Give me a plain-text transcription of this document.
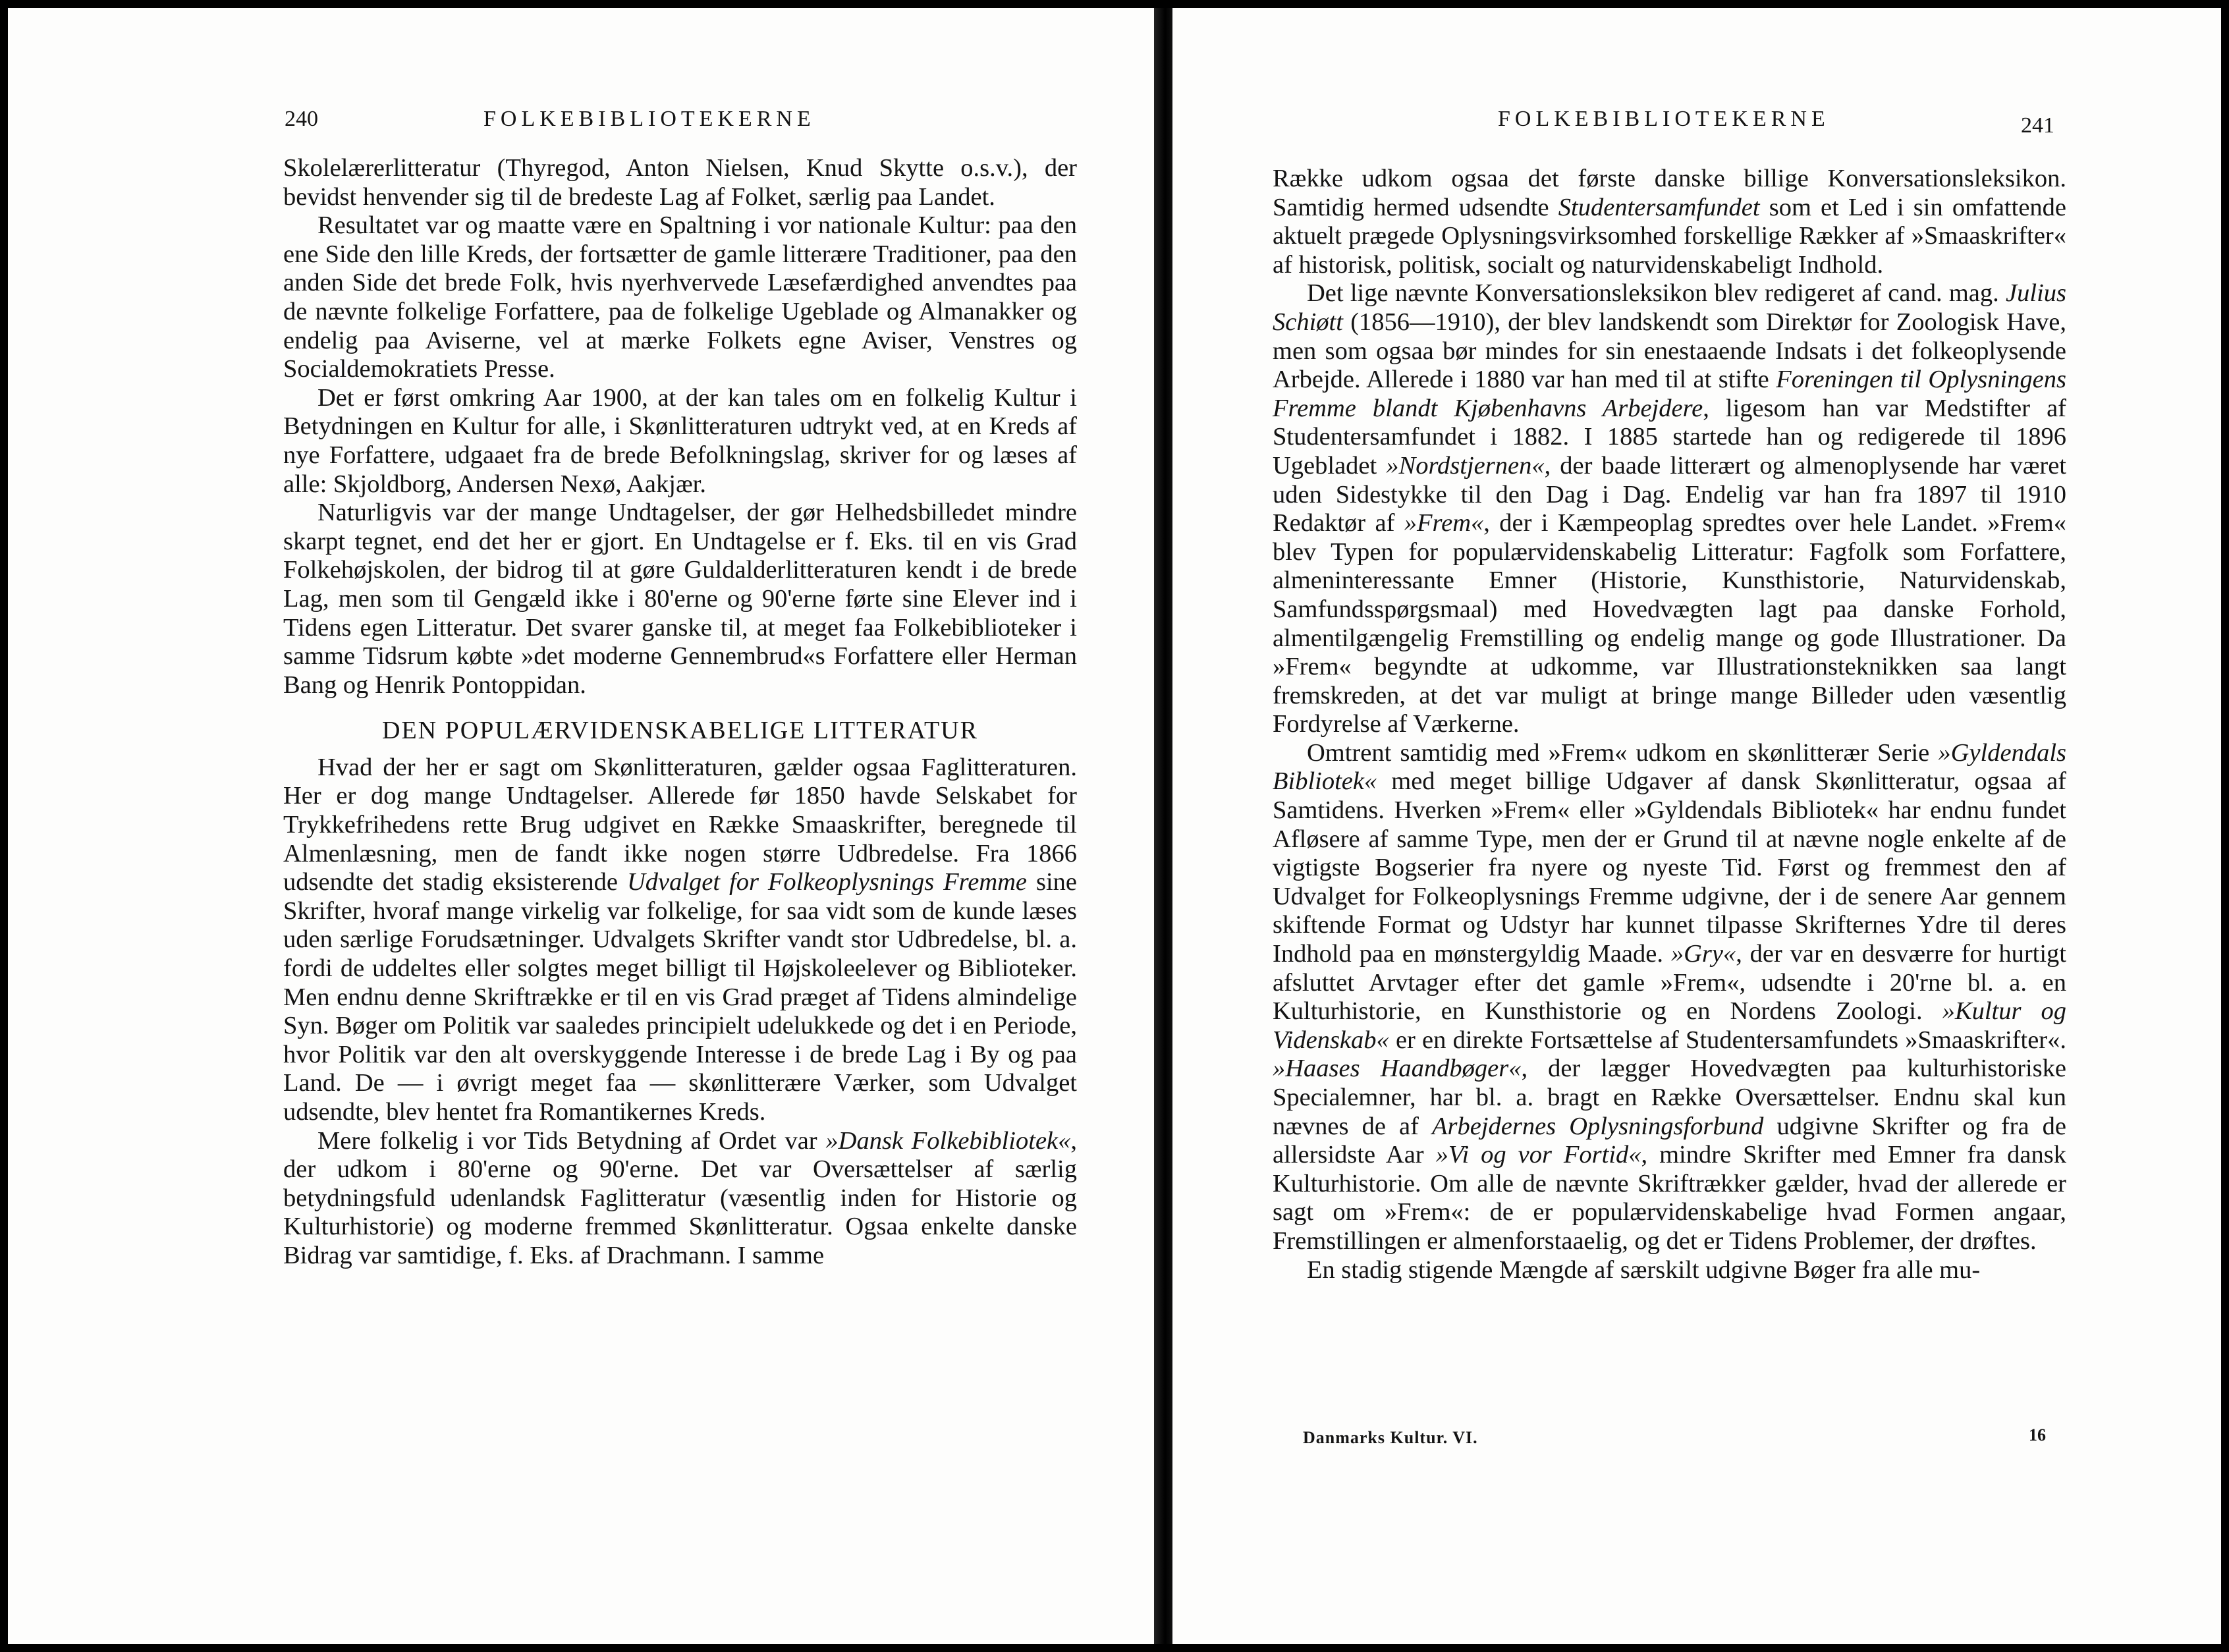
240	FOLKEBIBLIOTEKERNE

Skolelærerlitteratur (Thyregod, Anton Nielsen, Knud Skytte o.s.v.), der bevidst henvender sig til de bredeste Lag af Folket, særlig paa Landet.

Resultatet var og maatte være en Spaltning i vor nationale Kultur: paa den ene Side den lille Kreds, der fortsætter de gamle litterære Traditioner, paa den anden Side det brede Folk, hvis nyerhvervede Læsefærdighed anvendtes paa de nævnte folkelige Forfattere, paa de folkelige Ugeblade og Almanakker og endelig paa Aviserne, vel at mærke Folkets egne Aviser, Venstres og Socialdemokratiets Presse.

Det er først omkring Aar 1900, at der kan tales om en folkelig Kultur i Betydningen en Kultur for alle, i Skønlitteraturen udtrykt ved, at en Kreds af nye Forfattere, udgaaet fra de brede Befolkningslag, skriver for og læses af alle: Skjoldborg, Andersen Nexø, Aakjær.

Naturligvis var der mange Undtagelser, der gør Helhedsbilledet mindre skarpt tegnet, end det her er gjort. En Undtagelse er f. Eks. til en vis Grad Folkehøjskolen, der bidrog til at gøre Guldalderlitteraturen kendt i de brede Lag, men som til Gengæld ikke i 80'erne og 90'erne førte sine Elever ind i Tidens egen Litteratur. Det svarer ganske til, at meget faa Folkebiblioteker i samme Tidsrum købte »det moderne Gennembrud«s Forfattere eller Herman Bang og Henrik Pontoppidan.

DEN POPULÆRVIDENSKABELIGE LITTERATUR

Hvad der her er sagt om Skønlitteraturen, gælder ogsaa Faglitteraturen. Her er dog mange Undtagelser. Allerede før 1850 havde Selskabet for Trykkefrihedens rette Brug udgivet en Række Smaaskrifter, beregnede til Almenlæsning, men de fandt ikke nogen større Udbredelse. Fra 1866 udsendte det stadig eksisterende Udvalget for Folkeoplysnings Fremme sine Skrifter, hvoraf mange virkelig var folkelige, for saa vidt som de kunde læses uden særlige Forudsætninger. Udvalgets Skrifter vandt stor Udbredelse, bl. a. fordi de uddeltes eller solgtes meget billigt til Højskoleelever og Biblioteker. Men endnu denne Skriftrække er til en vis Grad præget af Tidens almindelige Syn. Bøger om Politik var saaledes principielt udelukkede og det i en Periode, hvor Politik var den alt overskyggende Interesse i de brede Lag i By og paa Land. De — i øvrigt meget faa — skønlitterære Værker, som Udvalget udsendte, blev hentet fra Romantikernes Kreds.

Mere folkelig i vor Tids Betydning af Ordet var »Dansk Folkebibliotek«, der udkom i 80'erne og 90'erne. Det var Oversættelser af særlig betydningsfuld udenlandsk Faglitteratur (væsentlig inden for Historie og Kulturhistorie) og moderne fremmed Skønlitteratur. Ogsaa enkelte danske Bidrag var samtidige, f. Eks. af Drachmann. I samme

FOLKEBIBLIOTEKERNE	241

Række udkom ogsaa det første danske billige Konversationsleksikon. Samtidig hermed udsendte Studentersamfundet som et Led i sin omfattende aktuelt prægede Oplysningsvirksomhed forskellige Rækker af »Smaaskrifter« af historisk, politisk, socialt og naturvidenskabeligt Indhold.

Det lige nævnte Konversationsleksikon blev redigeret af cand. mag. Julius Schiøtt (1856—1910), der blev landskendt som Direktør for Zoologisk Have, men som ogsaa bør mindes for sin enestaaende Indsats i det folkeoplysende Arbejde. Allerede i 1880 var han med til at stifte Foreningen til Oplysningens Fremme blandt Kjøbenhavns Arbejdere, ligesom han var Medstifter af Studentersamfundet i 1882. I 1885 startede han og redigerede til 1896 Ugebladet »Nordstjernen«, der baade litterært og almenoplysende har været uden Sidestykke til den Dag i Dag. Endelig var han fra 1897 til 1910 Redaktør af »Frem«, der i Kæmpeoplag spredtes over hele Landet. »Frem« blev Typen for populærvidenskabelig Litteratur: Fagfolk som Forfattere, almeninteressante Emner (Historie, Kunsthistorie, Naturvidenskab, Samfundsspørgsmaal) med Hovedvægten lagt paa danske Forhold, almentilgængelig Fremstilling og endelig mange og gode Illustrationer. Da »Frem« begyndte at udkomme, var Illustrationsteknikken saa langt fremskreden, at det var muligt at bringe mange Billeder uden væsentlig Fordyrelse af Værkerne.

Omtrent samtidig med »Frem« udkom en skønlitterær Serie »Gyldendals Bibliotek« med meget billige Udgaver af dansk Skønlitteratur, ogsaa af Samtidens. Hverken »Frem« eller »Gyldendals Bibliotek« har endnu fundet Afløsere af samme Type, men der er Grund til at nævne nogle enkelte af de vigtigste Bogserier fra nyere og nyeste Tid. Først og fremmest den af Udvalget for Folkeoplysnings Fremme udgivne, der i de senere Aar gennem skiftende Format og Udstyr har kunnet tilpasse Skrifternes Ydre til deres Indhold paa en mønstergyldig Maade. »Gry«, der var en desværre for hurtigt afsluttet Arvtager efter det gamle »Frem«, udsendte i 20'rne bl. a. en Kulturhistorie, en Kunsthistorie og en Nordens Zoologi. »Kultur og Videnskab« er en direkte Fortsættelse af Studentersamfundets »Smaaskrifter«. »Haases Haandbøger«, der lægger Hovedvægten paa kulturhistoriske Specialemner, har bl. a. bragt en Række Oversættelser. Endnu skal kun nævnes de af Arbejdernes Oplysningsforbund udgivne Skrifter og fra de allersidste Aar »Vi og vor Fortid«, mindre Skrifter med Emner fra dansk Kulturhistorie. Om alle de nævnte Skriftrækker gælder, hvad der allerede er sagt om »Frem«: de er populærvidenskabelige hvad Formen angaar, Fremstillingen er almenforstaaelig, og det er Tidens Problemer, der drøftes.

En stadig stigende Mængde af særskilt udgivne Bøger fra alle mu-

Danmarks Kultur. VI.	16
